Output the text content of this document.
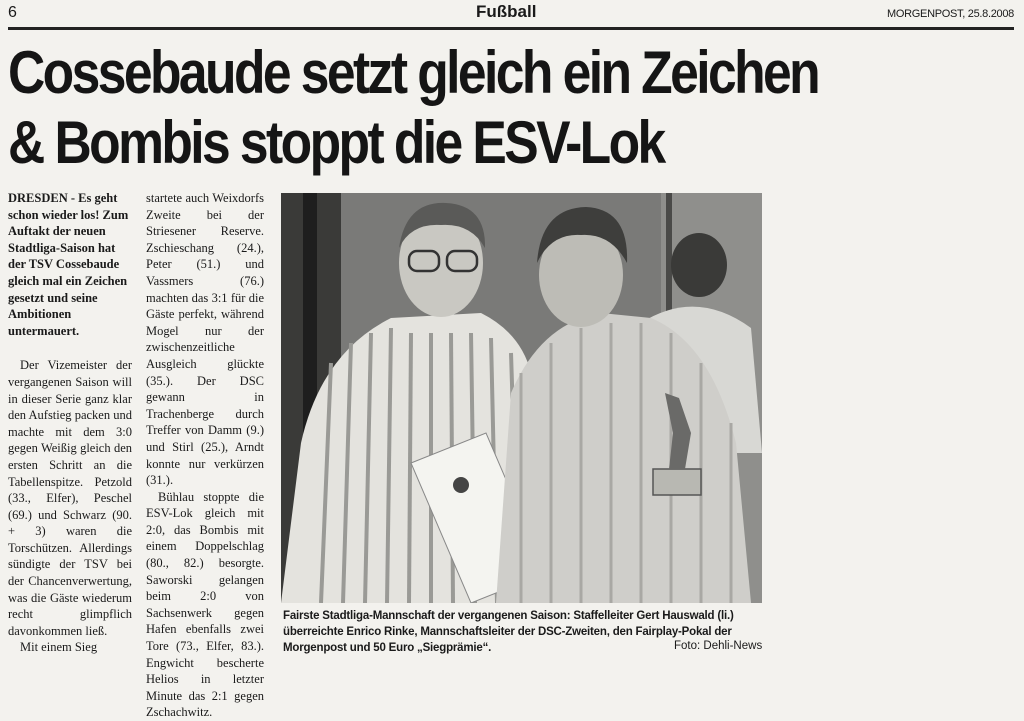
6	Fußball	MORGENPOST, 25.8.2008
Cossebaude setzt gleich ein Zeichen
& Bombis stoppt die ESV-Lok
DRESDEN - Es geht schon wieder los! Zum Auftakt der neuen Stadtliga-Saison hat der TSV Cossebaude gleich mal ein Zeichen gesetzt und seine Ambitionen untermauert.
Der Vizemeister der vergangenen Saison will in dieser Serie ganz klar den Aufstieg packen und machte mit dem 3:0 gegen Weißig gleich den ersten Schritt an die Tabellenspitze. Petzold (33., Elfer), Peschel (69.) und Schwarz (90. + 3) waren die Torschützen. Allerdings sündigte der TSV bei der Chancenverwertung, was die Gäste wiederum recht glimpflich davonkommen ließ.
Mit einem Sieg
startete auch Weixdorfs Zweite bei der Striesener Reserve. Zschieschang (24.), Peter (51.) und Vassmers (76.) machten das 3:1 für die Gäste perfekt, während Mogel nur der zwischenzeitliche Ausgleich glückte (35.). Der DSC gewann in Trachenberge durch Treffer von Damm (9.) und Stirl (25.), Arndt konnte nur verkürzen (31.).
Bühlau stoppte die ESV-Lok gleich mit 2:0, das Bombis mit einem Doppelschlag (80., 82.) besorgte. Saworski gelangen beim 2:0 von Sachsenwerk gegen Hafen ebenfalls zwei Tore (73., Elfer, 83.). Engwicht bescherte Helios in letzter Minute das 2:1 gegen Zschachwitz.
Fairste Stadtliga-Mannschaft der vergangenen Saison: Staffelleiter Gert Hauswald (li.) überreichte Enrico Rinke, Mannschaftsleiter der DSC-Zweiten, den Fairplay-Pokal der Morgenpost und 50 Euro „Siegprämie“.	Foto: Dehli-News
